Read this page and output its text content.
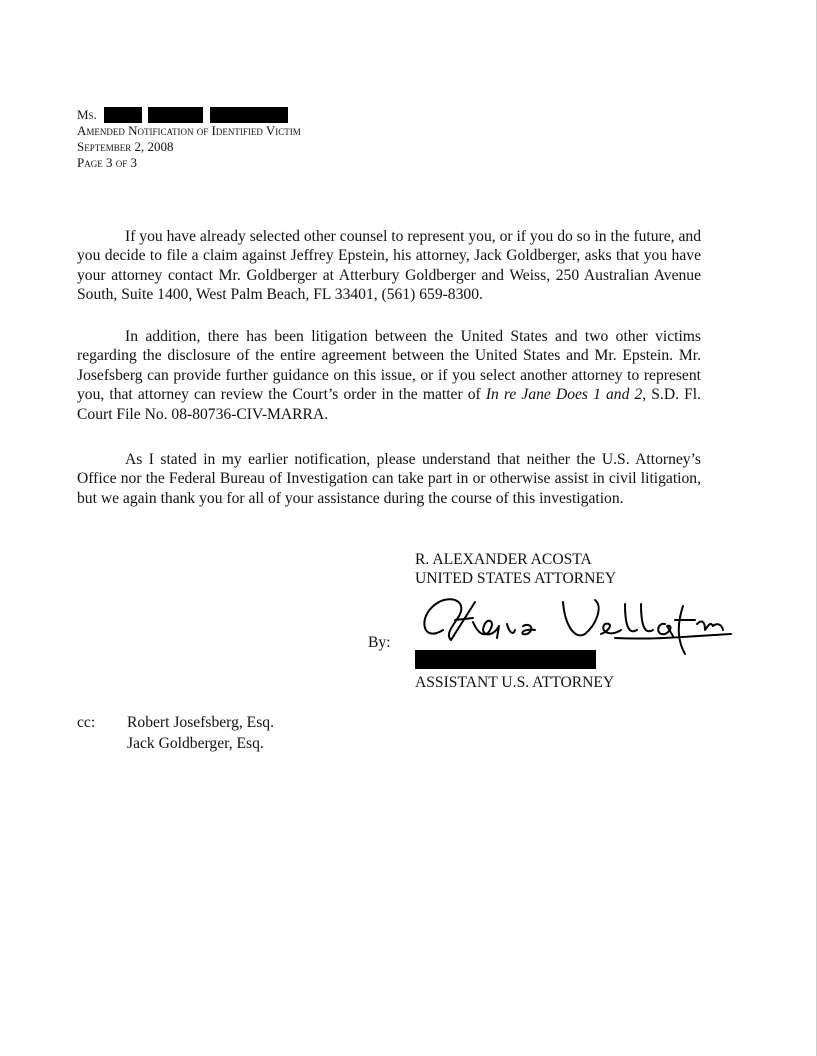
Ms.
Amended Notification of Identified Victim
September 2, 2008
Page 3 of 3

If you have already selected other counsel to represent you, or if you do so in the future, and you decide to file a claim against Jeffrey Epstein, his attorney, Jack Goldberger, asks that you have your attorney contact Mr. Goldberger at Atterbury Goldberger and Weiss, 250 Australian Avenue South, Suite 1400, West Palm Beach, FL 33401, (561) 659-8300.

In addition, there has been litigation between the United States and two other victims regarding the disclosure of the entire agreement between the United States and Mr. Epstein. Mr. Josefsberg can provide further guidance on this issue, or if you select another attorney to represent you, that attorney can review the Court’s order in the matter of In re Jane Does 1 and 2, S.D. Fl. Court File No. 08-80736-CIV-MARRA.

As I stated in my earlier notification, please understand that neither the U.S. Attorney’s Office nor the Federal Bureau of Investigation can take part in or otherwise assist in civil litigation, but we again thank you for all of your assistance during the course of this investigation.

R. ALEXANDER ACOSTA
UNITED STATES ATTORNEY
By:
ASSISTANT U.S. ATTORNEY
cc: Robert Josefsberg, Esq.
Jack Goldberger, Esq.
